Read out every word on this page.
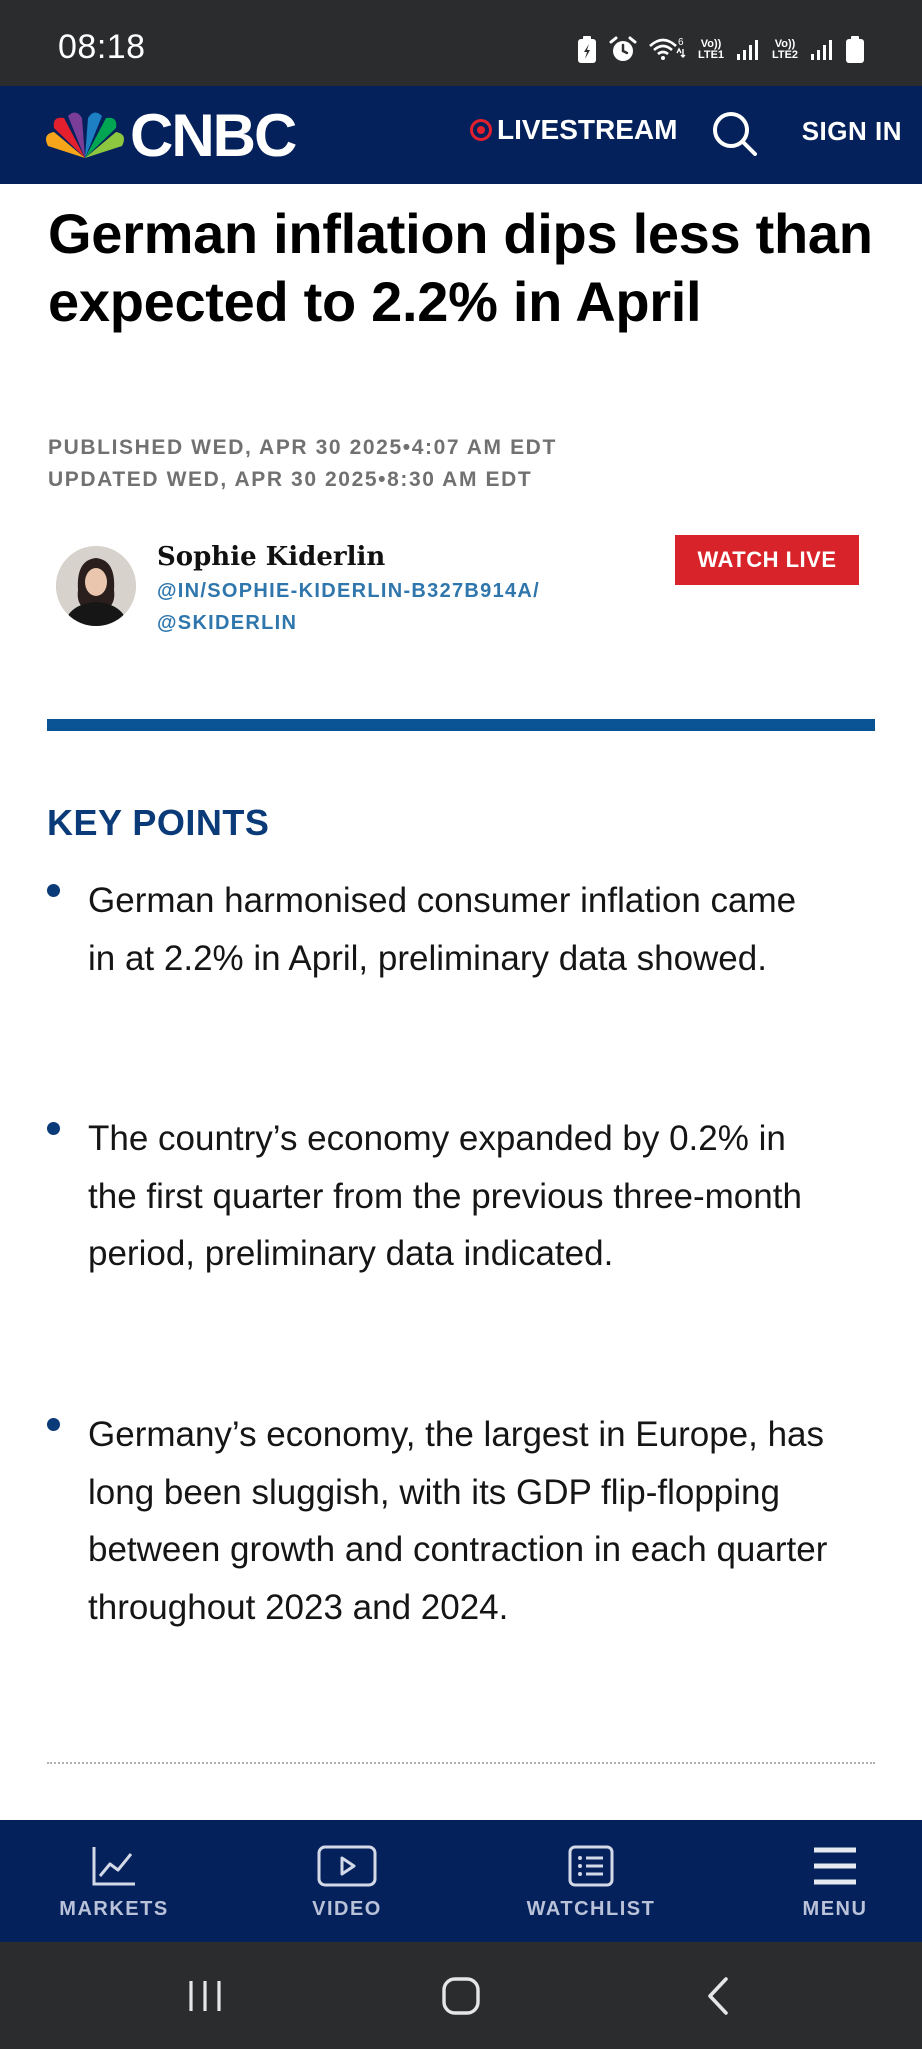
08:18	6	Vo)) LTE1
Vo)) LTE2
CNBC	LIVESTREAM	SIGN IN
German inflation dips less than expected to 2.2% in April
PUBLISHED WED, APR 30 2025•4:07 AM EDT
UPDATED WED, APR 30 2025•8:30 AM EDT
Sophie Kiderlin
@IN/SOPHIE-KIDERLIN-B327B914A/
@SKIDERLIN
WATCH LIVE
KEY POINTS
German harmonised consumer inflation came in at 2.2% in April, preliminary data showed.
The country’s economy expanded by 0.2% in the first quarter from the previous three-month period, preliminary data indicated.
Germany’s economy, the largest in Europe, has long been sluggish, with its GDP flip-flopping between growth and contraction in each quarter throughout 2023 and 2024.
MARKETS	VIDEO	WATCHLIST	MENU
